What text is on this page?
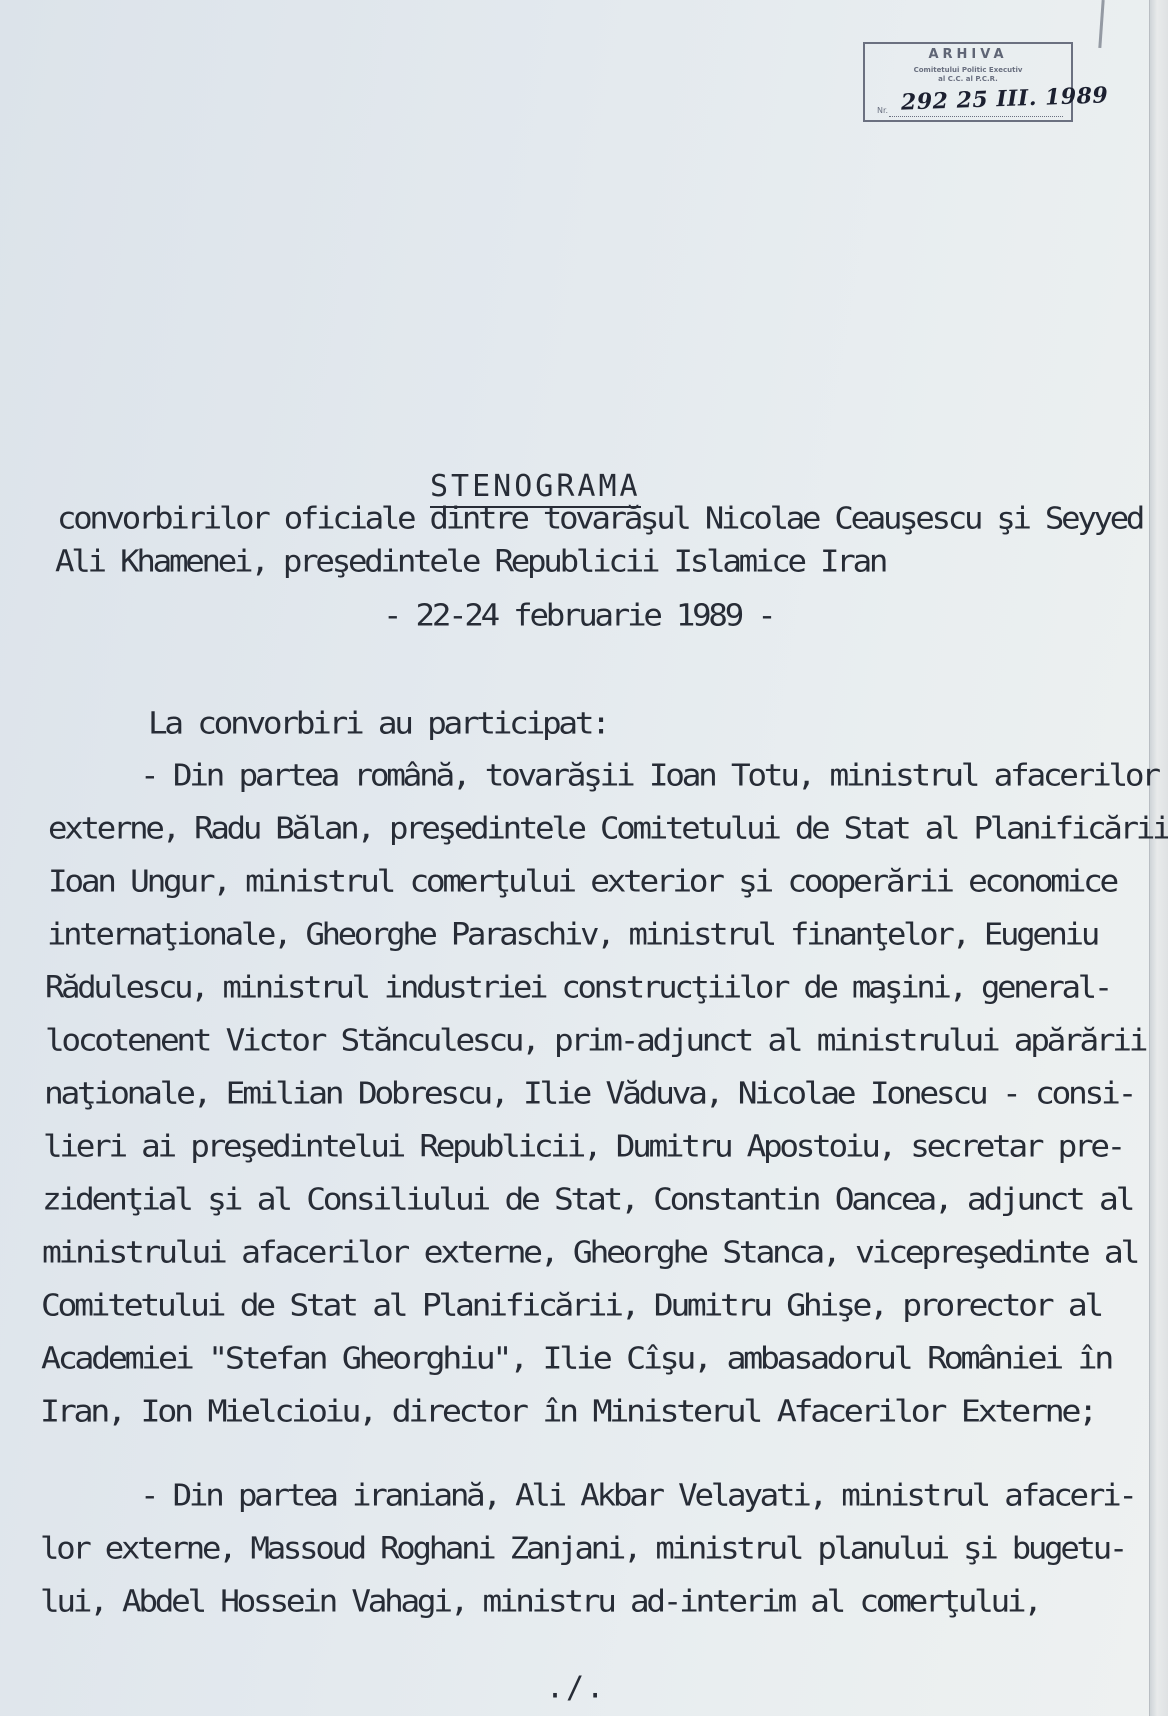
ARHIVA
Comitetului Politic Executiv
al C.C. al P.C.R.
Nr. 292 25 III. 1989
STENOGRAMA
convorbirilor oficiale dintre tovarăşul Nicolae Ceauşescu şi Seyyed
Ali Khamenei, preşedintele Republicii Islamice Iran
- 22-24 februarie 1989 -
La convorbiri au participat:
- Din partea română, tovarăşii Ioan Totu, ministrul afacerilor
externe, Radu Bălan, preşedintele Comitetului de Stat al Planificării
Ioan Ungur, ministrul comerţului exterior şi cooperării economice
internaţionale, Gheorghe Paraschiv, ministrul finanţelor, Eugeniu
Rădulescu, ministrul industriei construcţiilor de maşini, general-
locotenent Victor Stănculescu, prim-adjunct al ministrului apărării
naţionale, Emilian Dobrescu, Ilie Văduva, Nicolae Ionescu - consi-
lieri ai preşedintelui Republicii, Dumitru Apostoiu, secretar pre-
zidenţial şi al Consiliului de Stat, Constantin Oancea, adjunct al
ministrului afacerilor externe, Gheorghe Stanca, vicepreşedinte al
Comitetului de Stat al Planificării, Dumitru Ghişe, prorector al
Academiei "Stefan Gheorghiu", Ilie Cîşu, ambasadorul României în
Iran, Ion Mielcioiu, director în Ministerul Afacerilor Externe;
- Din partea iraniană, Ali Akbar Velayati, ministrul afaceri-
lor externe, Massoud Roghani Zanjani, ministrul planului şi bugetu-
lui, Abdel Hossein Vahagi, ministru ad-interim al comerţului,
./.
